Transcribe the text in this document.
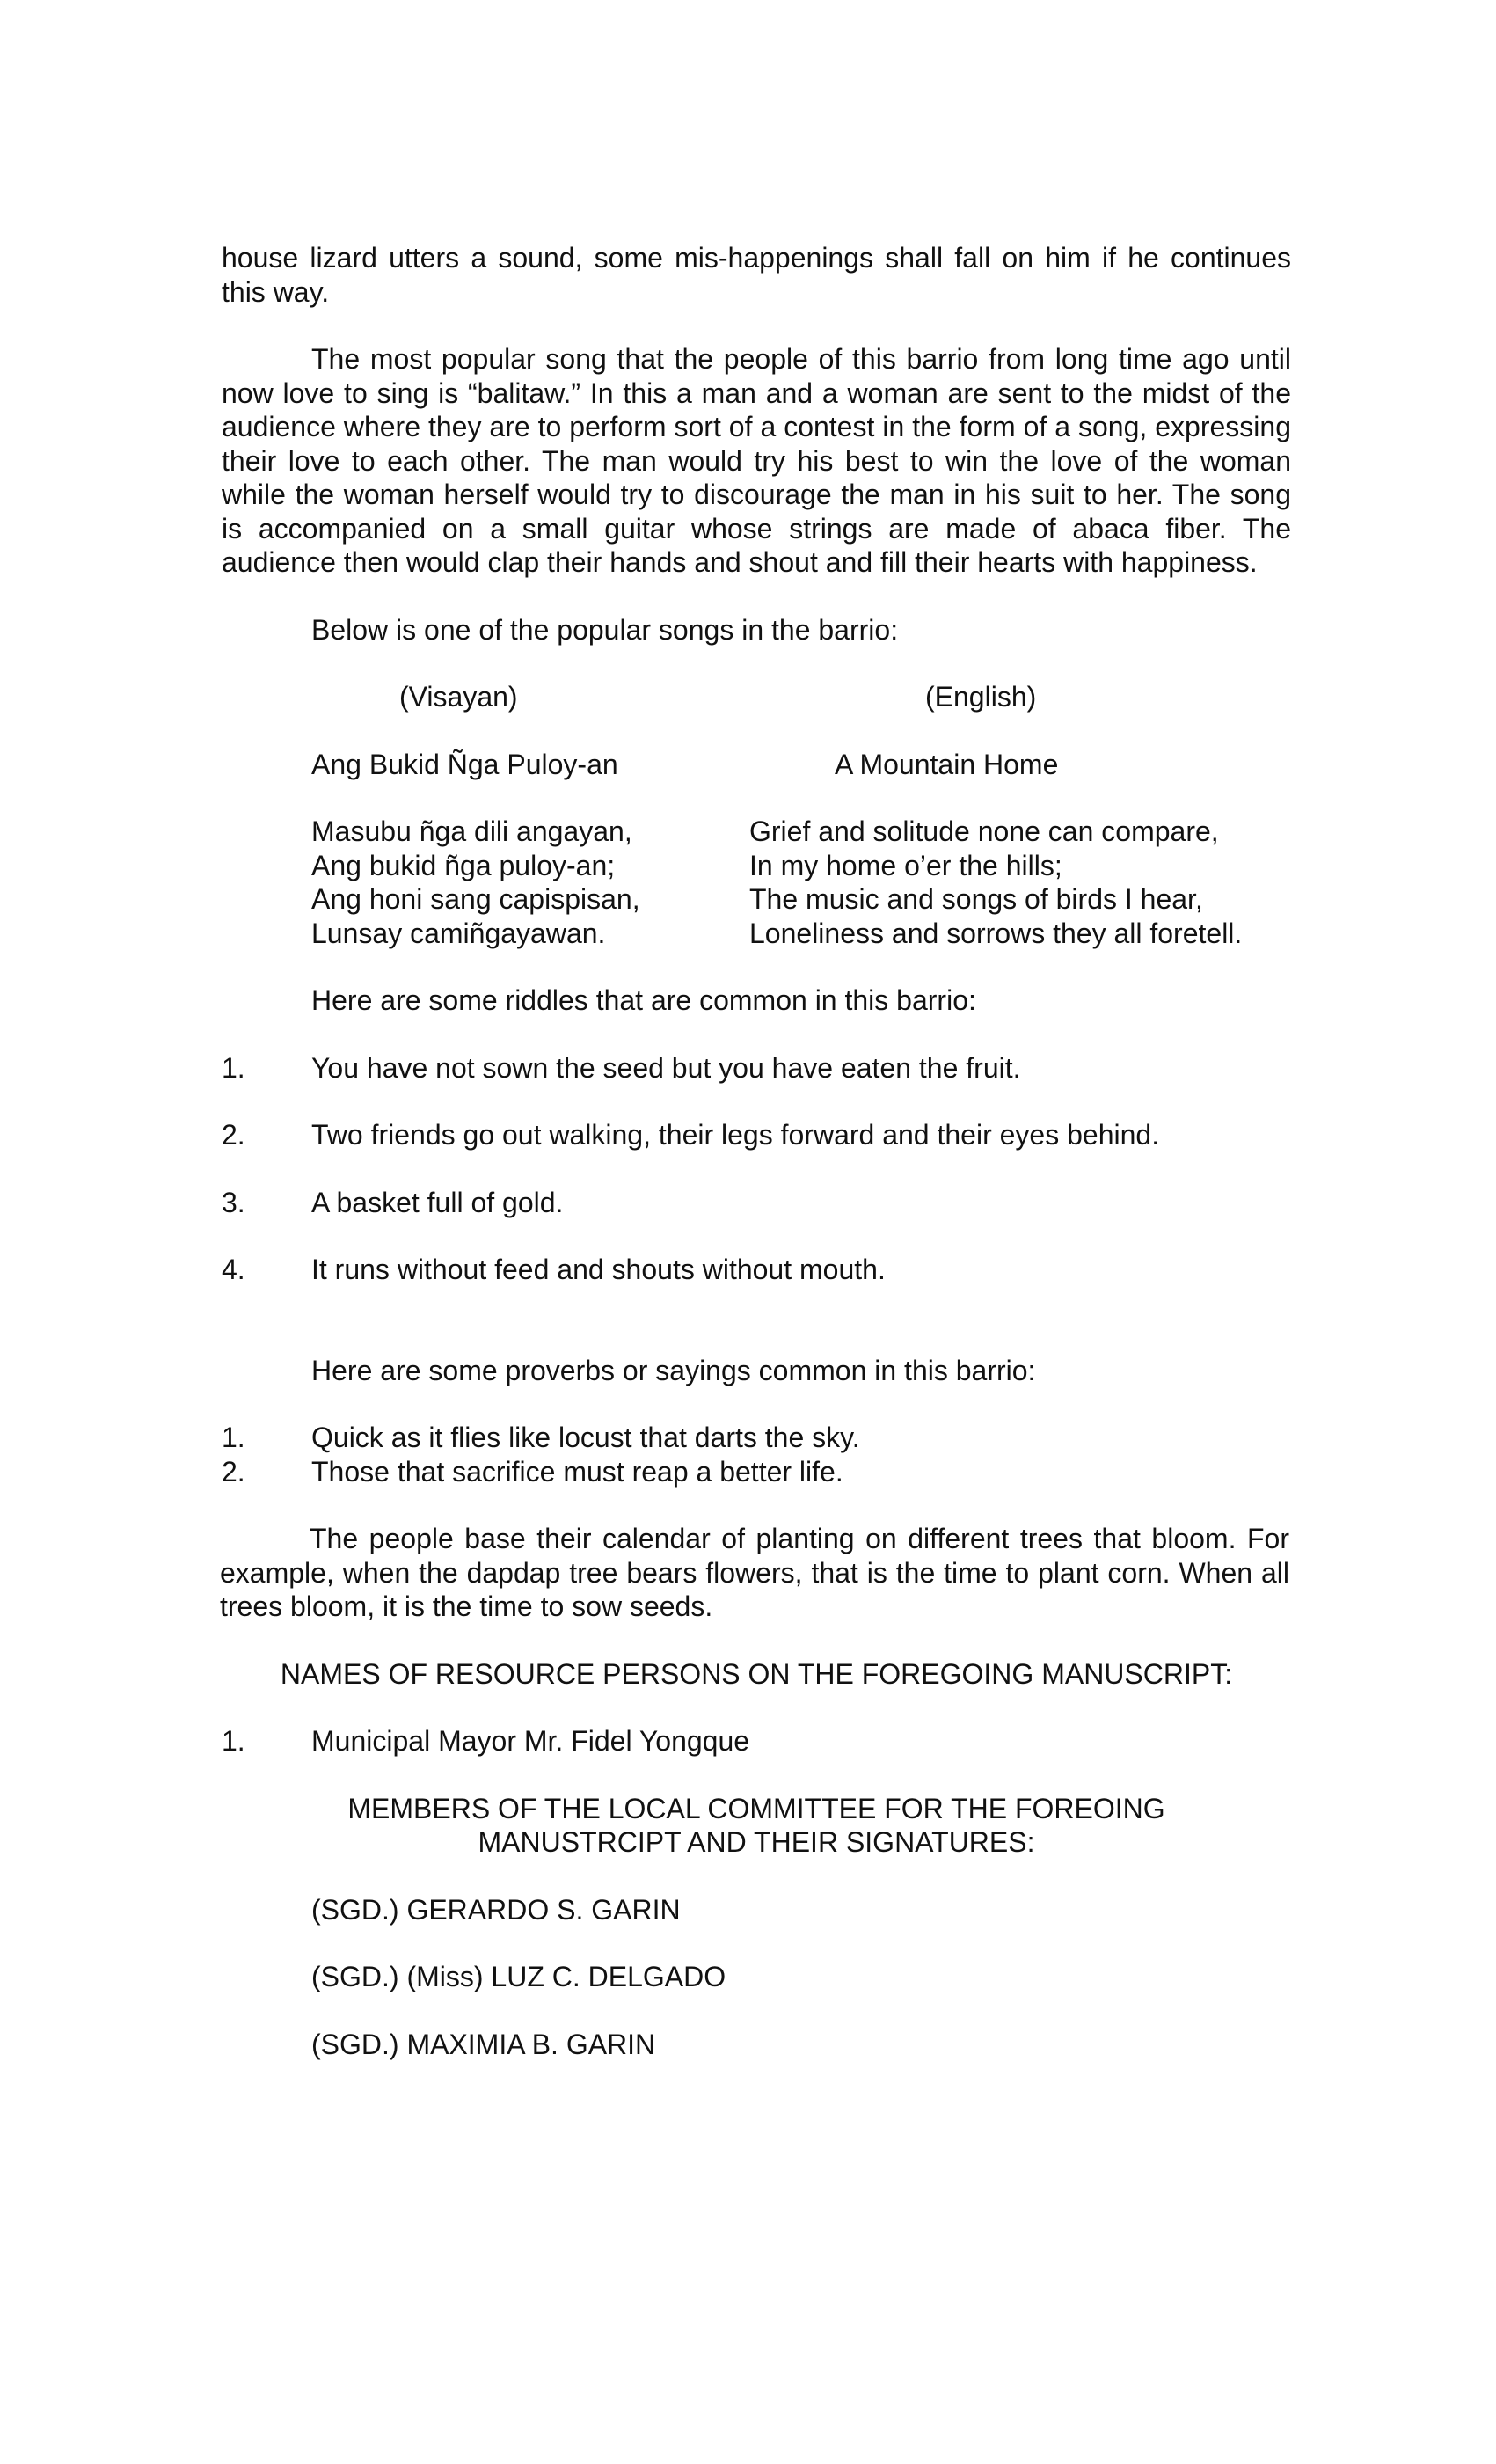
house lizard utters a sound, some mis-happenings shall fall on him if he continues this way.

The most popular song that the people of this barrio from long time ago until now love to sing is “balitaw.” In this a man and a woman are sent to the midst of the audience where they are to perform sort of a contest in the form of a song, expressing their love to each other. The man would try his best to win the love of the woman while the woman herself would try to discourage the man in his suit to her. The song is accompanied on a small guitar whose strings are made of abaca fiber. The audience then would clap their hands and shout and fill their hearts with happiness.

Below is one of the popular songs in the barrio:

(Visayan)	(English)
Ang Bukid Ñga Puloy-an	A Mountain Home
Masubu ñga dili angayan,	Grief and solitude none can compare,
Ang bukid ñga puloy-an;	In my home o’er the hills;
Ang honi sang capispisan,	The music and songs of birds I hear,
Lunsay camiñgayawan.	Loneliness and sorrows they all foretell.

Here are some riddles that are common in this barrio:

1. You have not sown the seed but you have eaten the fruit.
2. Two friends go out walking, their legs forward and their eyes behind.
3. A basket full of gold.
4. It runs without feed and shouts without mouth.

Here are some proverbs or sayings common in this barrio:

1. Quick as it flies like locust that darts the sky.
2. Those that sacrifice must reap a better life.

The people base their calendar of planting on different trees that bloom. For example, when the dapdap tree bears flowers, that is the time to plant corn. When all trees bloom, it is the time to sow seeds.

NAMES OF RESOURCE PERSONS ON THE FOREGOING MANUSCRIPT:

1. Municipal Mayor Mr. Fidel Yongque

MEMBERS OF THE LOCAL COMMITTEE FOR THE FOREOING

MANUSTRCIPT AND THEIR SIGNATURES:

(SGD.) GERARDO S. GARIN

(SGD.) (Miss) LUZ C. DELGADO

(SGD.) MAXIMIA B. GARIN
